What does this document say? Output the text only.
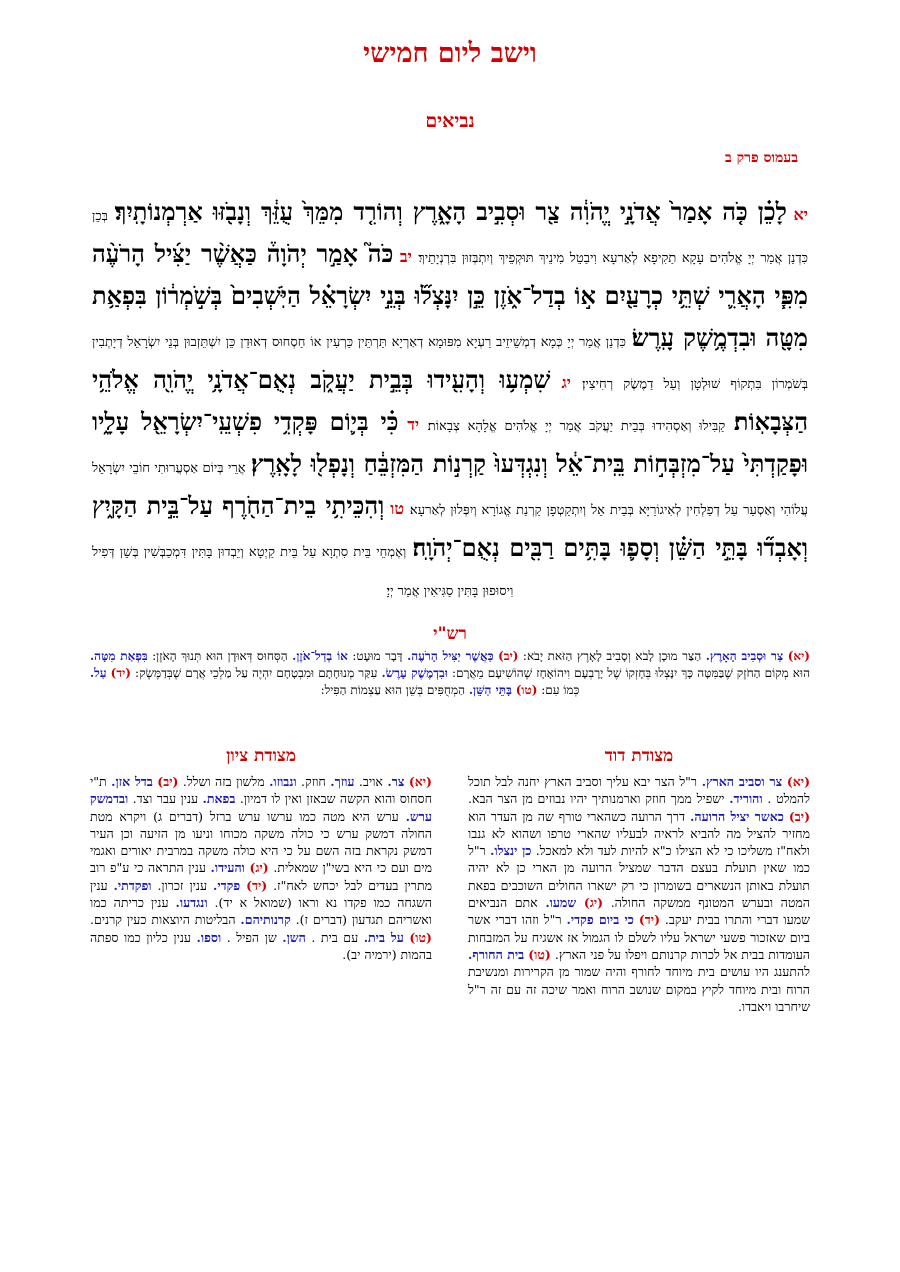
וישב ליום חמישי
נביאים
בעמוס פרק ב
יא לָכֵ֗ן כֹּ֤ה אָמַר֙ אֲדֹנָ֣י יֱהֹוִ֔ה צַ֖ר וּסְבִ֣יב הָאָ֑רֶץ וְהוֹרִ֤ד מִמֵּךְ֙ עֻזֵּ֔ךְ וְנָבֹ֖זּוּ אַרְמְנוֹתָֽיִךְ׃ בְּכֵן כִּדְנַן אֲמַר יְיָ אֱלֹהִים עָקָא תַקִיפָא לְאַרעָא וִיבַטֵל מִינֵיךְ תּוּקְפֵיךְ וְיִתְבְּזוּן בִּרְנְיָתֵיךְ׃ יב כֹּה֮ אָמַ֣ר יְהֹוָה֒ כַּאֲשֶׁ֨ר יַצִּ֜יל הָרֹעֶ֨ה מִפִּ֧י הָאֲרִ֛י שְׁתֵּ֥י כְרָעַ֖יִם א֣וֹ בְדַל־אֹ֑זֶן כֵּ֣ן יִנָּצְל֞וּ בְּנֵ֣י יִשְׂרָאֵ֗ל הַיֹּֽשְׁבִים֙ בְּשֹׁ֣מְר֔וֹן בִּפְאַ֥ת מִטָּ֖ה וּבִדְמֶ֥שֶׁק עָֽרֶשׂ׃ כִּדְנַן אֲמַר יְיָ כְּמָא דְמְשֵׁיזֵיב רַעְיָא מִפּוּמָא דְאַרְיָא תַּרְתֵּין כַּרְעִין אוֹ חַסְחוּס דְאוּדַן כֵּן יִשְׁתֵּזְבוּן בְּנֵי יִשְׂרָאֵל דְיָתְבִין בְּשֹׁמְרוֹן בִּתְקוֹף שׁוּלְטָן וְעַל דַמֶשֶׂק רְחִיצִין׃ יג שִׁמְע֥וּ וְהָעִ֖ידוּ בְּבֵ֣ית יַעֲקֹ֑ב נְאֻם־אֲדֹנָ֥י יֱהֹוִ֖ה אֱלֹהֵ֥י הַצְּבָאֽוֹת׃ קַבִּילוּ וְאַסְהִידוּ בְּבֵית יַעֲקֹב אֲמַר יְיָ אֱלֹהִים אֱלָהָא צְבָאוֹת׃ יד כִּ֗י בְּי֛וֹם פָּקְדִ֥י פִשְׁעֵֽי־יִשְׂרָאֵ֖ל עָלָ֑יו וּפָקַדְתִּי֙ עַל־מִזְבְּח֣וֹת בֵּֽית־אֵ֔ל וְנִגְדְּעוּ֙ קַרְנ֣וֹת הַמִּזְבֵּ֔חַ וְנָפְל֖וּ לָאָֽרֶץ׃ אֲרֵי בְּיוֹם אַסְעֲרוּתִי חוֹבֵי יִשְׂרָאֵל עֲלוֹהִי וְאַסְעַר עַל דְפַלְחִין לְאִיגוֹרַיָּא בְּבֵית אֵל וְיִתְקַטְפָן קַרְנַת אֱגוֹרָא וְיִפְּלוּן לְאַרעָא׃ טו וְהִכֵּיתִ֥י בֵית־הַחֹ֖רֶף עַל־בֵּ֣ית הַקָּ֑יִץ וְאָבְד֞וּ בָּתֵּ֣י הַשֵּׁ֗ן וְסָפ֛וּ בָּתִּ֥ים רַבִּ֖ים נְאֻם־יְהֹוָֽה׃ וְאֶמְחֵי בֵּית סִתְוָא עַל בֵּית קַיְטָא וְיֵבְדוּן בָּתִּין דִּמְכַבְּשִׁין בְּשֵׁן דְּפִיל וִיסוּפוּן בָּתִּין סַגִּיאִין אֲמַר יְיָ׃
רש"י
(יא) צַר וּסְבִיב הָאָרֶץ. הַצַּר מוּכָן לָבֹא וְסָבִיב לָאָרֶץ הַזֹּאת יָבֹא: (יב) כַּאֲשֶׁר יַצִּיל הָרֹעֶה. דָּבָר מוּעָט: אוֹ בְדַל־אֹזֶן. הַסְּחוּס דְּאוּדָן הוּא תְּנוּךְ הָאֹזֶן: בִּפְאַת מִטָּה. הוּא מְקוֹם הַחֹזֶק שֶׁבַּמִּטָּה כָּךְ יִנָּצְלוּ בְּחָזְקוֹ שֶׁל יָרָבְעָם וִיהוֹאָחָז שֶׁהוֹשִׁיעָם מֵאֲרָם: וּבִדְמֶשֶׁק עָרֶשׂ. עִקַּר מְנוּחָתָם וּמִבְטָחָם יִהְיֶה עַל מַלְכֵי אֲרָם שֶׁבְּדַמֶּשֶׂק: (יד) עַל. כְּמוֹ עִם: (טו) בָּתֵּי הַשֵּׁן. הַמְחֻפִּים בְּשֵׁן הוּא עַצְמוֹת הַפִּיל:
מצודת דוד
מצודת ציון
(יא) צר וסביב הארץ. ר"ל הצר יבא עליך וסביב הארץ יחנה לבל תוכל להמלט . והוריד. ישפיל ממך חוזק וארמנותיך יהיו נבוזים מן הצר הבא. (יב) כאשר יציל הרועה. דרך הרועה כשהארי טורף שה מן העדר הוא מחזיר להציל מה להביא לראיה לבעליו שהארי טרפו ושהוא לא גנבו ולאח"ז משליכו כי לא הצילו כ"א להיות לעד ולא למאכל. כן ינצלו. ר"ל כמו שאין תועלת בעצם הדבר שמציל הרועה מן הארי כן לא יהיה תועלת באותן הנשארים בשומרון כי רק ישארו החולים השוכבים בפאת המטה ובערש המטונף ממשקה החולה. (יג) שמעו. אתם הנביאים שמעו דברי והתרו בבית יעקב. (יד) כי ביום פקדי. ר"ל וזהו דברי אשר ביום שאזכור פשעי ישראל עליו לשלם לו הגמול אז אשגיח על המזבחות העומדות בבית אל לכרות קרנותם ויפלו על פני הארץ. (טו) בית החורף. להתענג היו עושים בית מיוחד לחורף והיה שמור מן הקרירות ומנשיבת הרוח ובית מיוחד לקיץ במקום שנושב הרוח ואמר שיכה זה עם זה ר"ל שיחרבו ויאבדו.
(יא) צר. אויב. עוזך. חוזק. ונבוזו. מלשון בזה ושלל. (יב) בדל אזן. ת"י חסחוס והוא הקשה שבאזן ואין לו דמיון. בפאת. ענין עבר וצד. ובדמשק ערש. ערש היא מטה כמו ערשו ערש ברזל (דברים ג) ויקרא מטת החולה דמשק ערש כי כולה משקה מכוחו וניעו מן הזיעה וכן העיר דמשק נקראת בזה השם על כי היא כולה משקה במרבית יאורים ואגמי מים ועם כי היא בשי"ן שמאלית. (יג) והעידו. ענין התראה כי ע"פ רוב מתרין בעדים לבל יכחש לאח"ז. (יד) פקדי. ענין זכרון. ופקדתי. ענין השגחה כמו פקדו נא וראו (שמואל א יד). ונגדעו. ענין כריתה כמו ואשריהם תגדעון (דברים ז). קרנותיהם. הבליטות היוצאות כעין קרנים. (טו) על בית. עם בית . השן. שן הפיל . וספו. ענין כליון כמו ספתה בהמות (ירמיה יב).
